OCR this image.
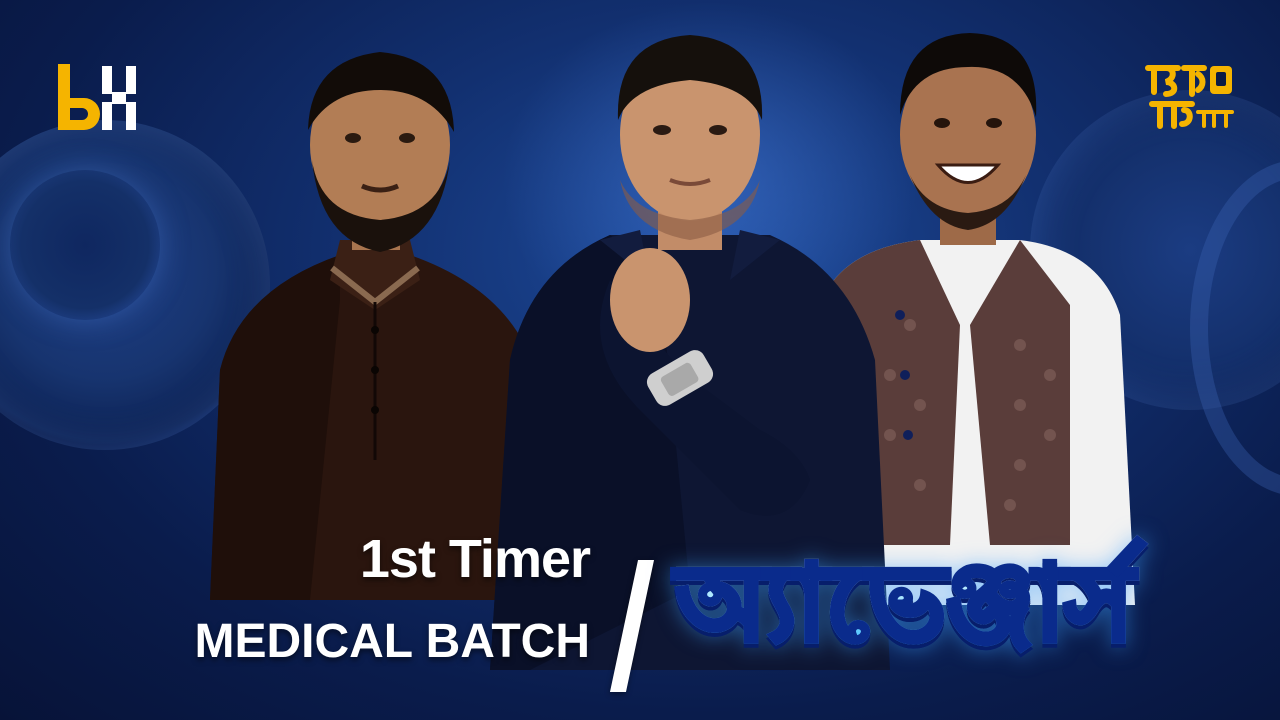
1st Timer
MEDICAL BATCH অ্যাভেঞ্জার্স
